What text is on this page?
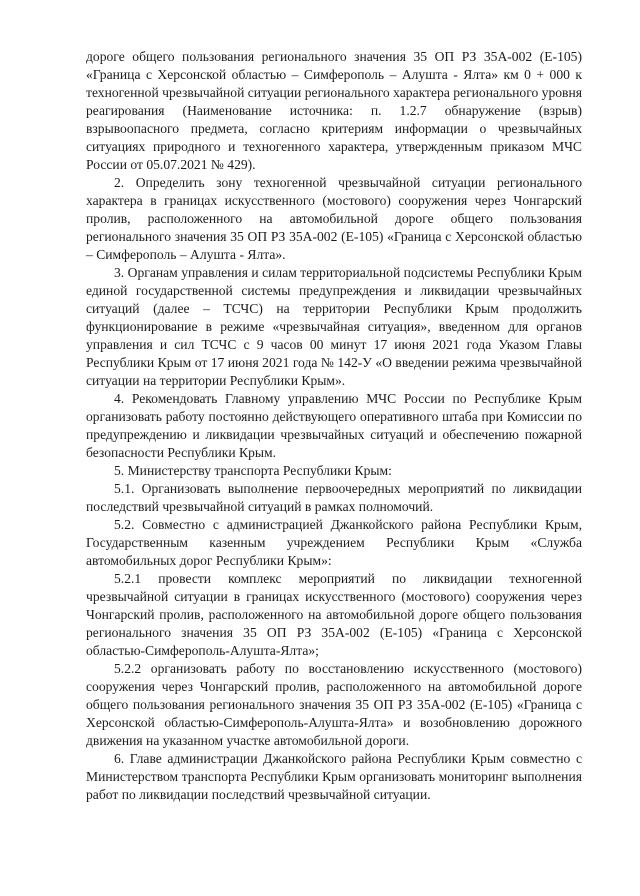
дороге общего пользования регионального значения 35 ОП РЗ 35А-002 (Е-105) «Граница с Херсонской областью – Симферополь – Алушта - Ялта» км 0 + 000 к техногенной чрезвычайной ситуации регионального характера регионального уровня реагирования (Наименование источника: п. 1.2.7 обнаружение (взрыв) взрывоопасного предмета, согласно критериям информации о чрезвычайных ситуациях природного и техногенного характера, утвержденным приказом МЧС России от 05.07.2021 № 429).

2. Определить зону техногенной чрезвычайной ситуации регионального характера в границах искусственного (мостового) сооружения через Чонгарский пролив, расположенного на автомобильной дороге общего пользования регионального значения 35 ОП РЗ 35А-002 (Е-105) «Граница с Херсонской областью – Симферополь – Алушта - Ялта».

3. Органам управления и силам территориальной подсистемы Республики Крым единой государственной системы предупреждения и ликвидации чрезвычайных ситуаций (далее – ТСЧС) на территории Республики Крым продолжить функционирование в режиме «чрезвычайная ситуация», введенном для органов управления и сил ТСЧС с 9 часов 00 минут 17 июня 2021 года Указом Главы Республики Крым от 17 июня 2021 года № 142-У «О введении режима чрезвычайной ситуации на территории Республики Крым».

4. Рекомендовать Главному управлению МЧС России по Республике Крым организовать работу постоянно действующего оперативного штаба при Комиссии по предупреждению и ликвидации чрезвычайных ситуаций и обеспечению пожарной безопасности Республики Крым.

5. Министерству транспорта Республики Крым:

5.1. Организовать выполнение первоочередных мероприятий по ликвидации последствий чрезвычайной ситуаций в рамках полномочий.

5.2. Совместно с администрацией Джанкойского района Республики Крым, Государственным казенным учреждением Республики Крым «Служба автомобильных дорог Республики Крым»:

5.2.1 провести комплекс мероприятий по ликвидации техногенной чрезвычайной ситуации в границах искусственного (мостового) сооружения через Чонгарский пролив, расположенного на автомобильной дороге общего пользования регионального значения 35 ОП РЗ 35А-002 (Е-105) «Граница с Херсонской областью-Симферополь-Алушта-Ялта»;

5.2.2 организовать работу по восстановлению искусственного (мостового) сооружения через Чонгарский пролив, расположенного на автомобильной дороге общего пользования регионального значения 35 ОП РЗ 35А-002 (Е-105) «Граница с Херсонской областью-Симферополь-Алушта-Ялта» и возобновлению дорожного движения на указанном участке автомобильной дороги.

6. Главе администрации Джанкойского района Республики Крым совместно с Министерством транспорта Республики Крым организовать мониторинг выполнения работ по ликвидации последствий чрезвычайной ситуации.
